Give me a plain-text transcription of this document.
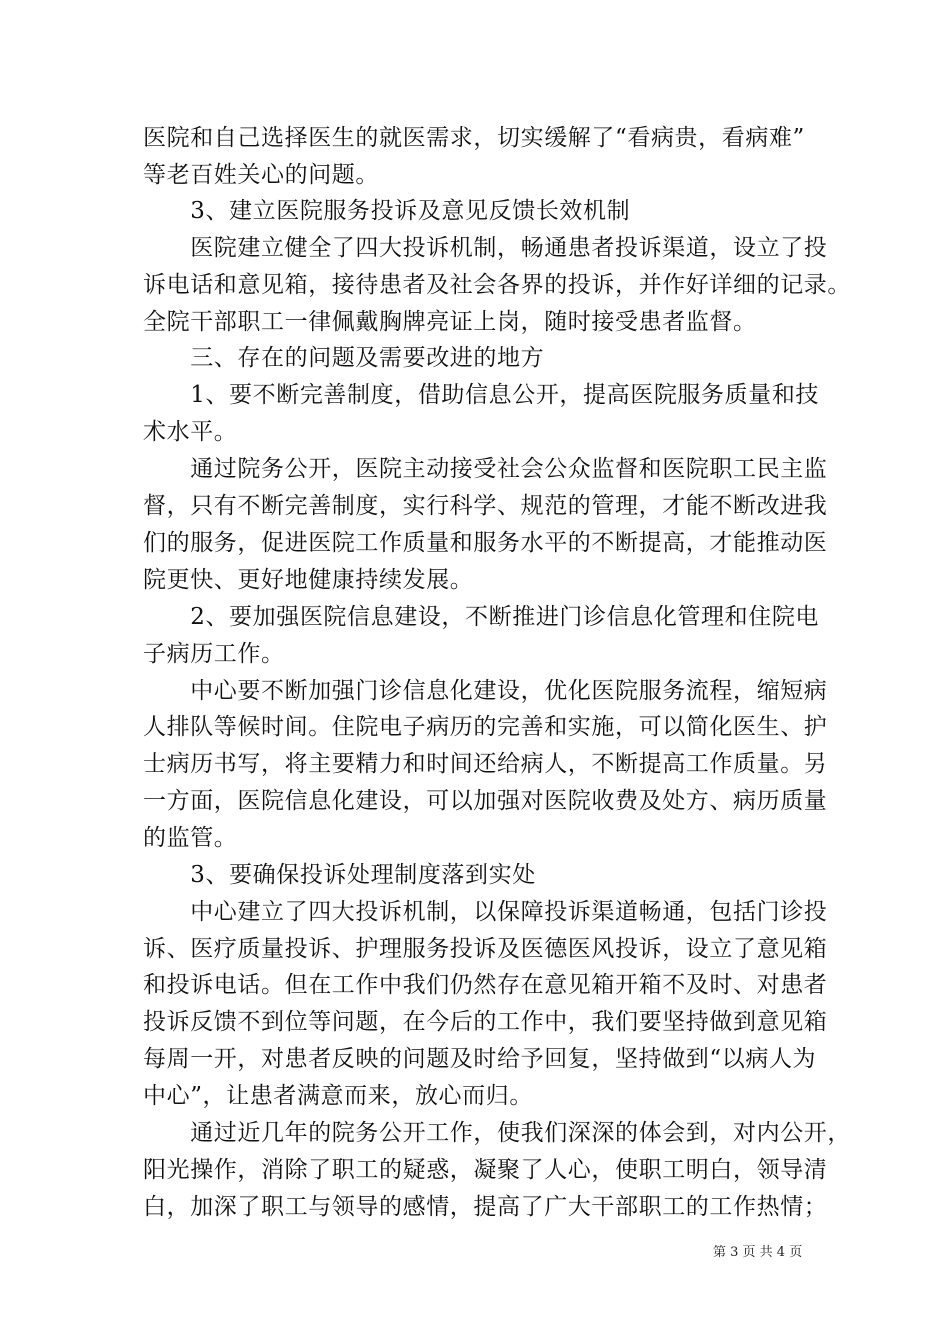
医院和自己选择医生的就医需求，切实缓解了“看病贵，看病难”
等老百姓关心的问题。
　　3、建立医院服务投诉及意见反馈长效机制
　　医院建立健全了四大投诉机制，畅通患者投诉渠道，设立了投
诉电话和意见箱，接待患者及社会各界的投诉，并作好详细的记录。
全院干部职工一律佩戴胸牌亮证上岗，随时接受患者监督。
　　三、存在的问题及需要改进的地方
　　1、要不断完善制度，借助信息公开，提高医院服务质量和技
术水平。
　　通过院务公开，医院主动接受社会公众监督和医院职工民主监
督，只有不断完善制度，实行科学、规范的管理，才能不断改进我
们的服务，促进医院工作质量和服务水平的不断提高，才能推动医
院更快、更好地健康持续发展。
　　2、要加强医院信息建设，不断推进门诊信息化管理和住院电
子病历工作。
　　中心要不断加强门诊信息化建设，优化医院服务流程，缩短病
人排队等候时间。住院电子病历的完善和实施，可以简化医生、护
士病历书写，将主要精力和时间还给病人，不断提高工作质量。另
一方面，医院信息化建设，可以加强对医院收费及处方、病历质量
的监管。
　　3、要确保投诉处理制度落到实处
　　中心建立了四大投诉机制，以保障投诉渠道畅通，包括门诊投
诉、医疗质量投诉、护理服务投诉及医德医风投诉，设立了意见箱
和投诉电话。但在工作中我们仍然存在意见箱开箱不及时、对患者
投诉反馈不到位等问题，在今后的工作中，我们要坚持做到意见箱
每周一开，对患者反映的问题及时给予回复，坚持做到“以病人为
中心”，让患者满意而来，放心而归。
　　通过近几年的院务公开工作，使我们深深的体会到，对内公开，
阳光操作，消除了职工的疑惑，凝聚了人心，使职工明白，领导清
白，加深了职工与领导的感情，提高了广大干部职工的工作热情；
第 3 页 共 4 页
